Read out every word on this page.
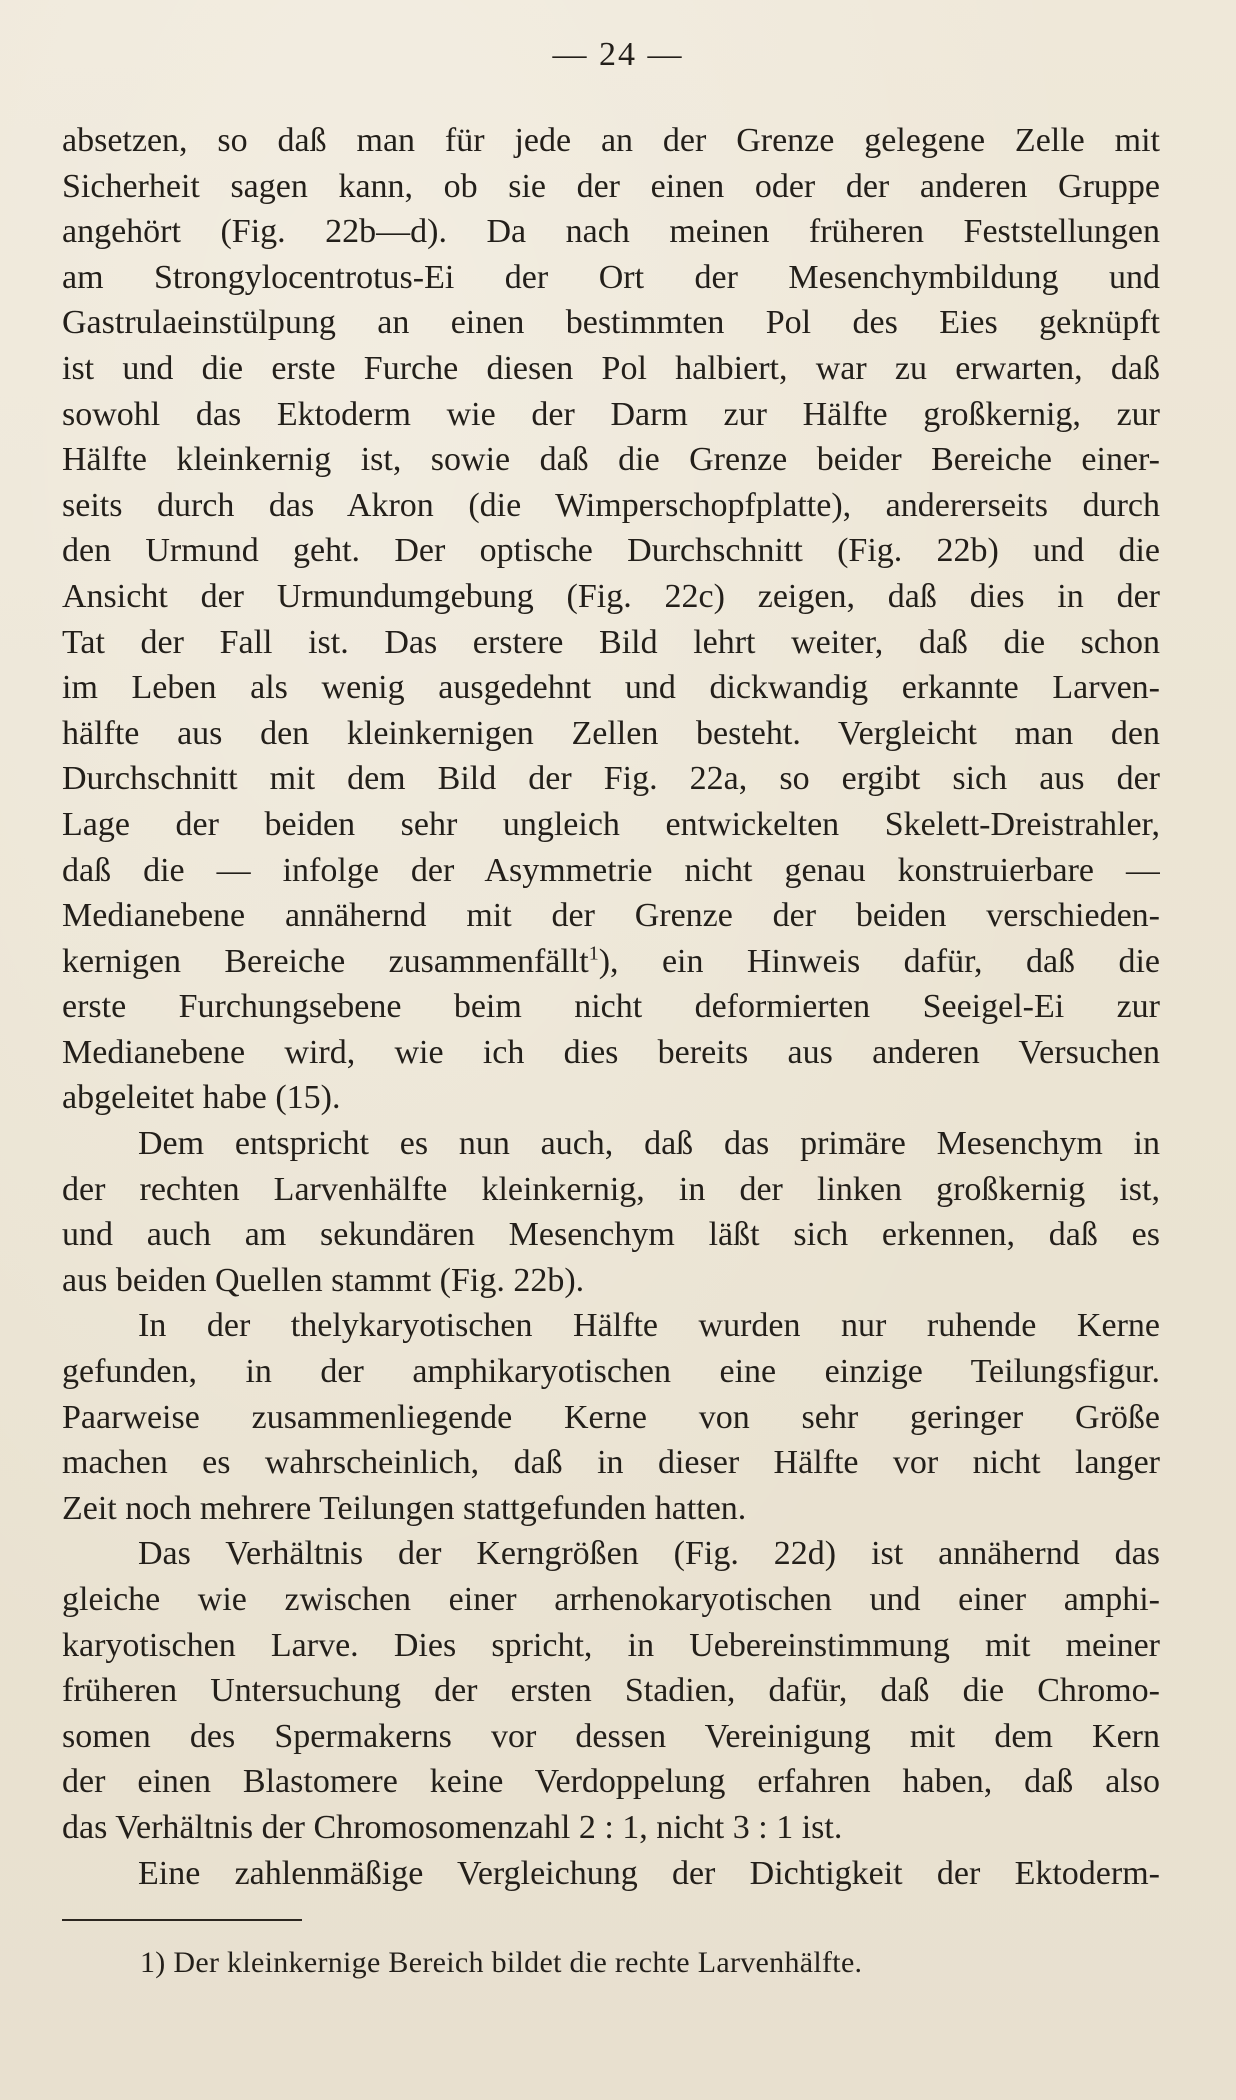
— 24 —
absetzen, so daß man für jede an der Grenze gelegene Zelle mit
Sicherheit sagen kann, ob sie der einen oder der anderen Gruppe
angehört (Fig. 22b—d). Da nach meinen früheren Feststellungen
am Strongylocentrotus-Ei der Ort der Mesenchymbildung und
Gastrulaeinstülpung an einen bestimmten Pol des Eies geknüpft
ist und die erste Furche diesen Pol halbiert, war zu erwarten, daß
sowohl das Ektoderm wie der Darm zur Hälfte großkernig, zur
Hälfte kleinkernig ist, sowie daß die Grenze beider Bereiche einer-
seits durch das Akron (die Wimperschopfplatte), andererseits durch
den Urmund geht. Der optische Durchschnitt (Fig. 22b) und die
Ansicht der Urmundumgebung (Fig. 22c) zeigen, daß dies in der
Tat der Fall ist. Das erstere Bild lehrt weiter, daß die schon
im Leben als wenig ausgedehnt und dickwandig erkannte Larven-
hälfte aus den kleinkernigen Zellen besteht. Vergleicht man den
Durchschnitt mit dem Bild der Fig. 22a, so ergibt sich aus der
Lage der beiden sehr ungleich entwickelten Skelett-Dreistrahler,
daß die — infolge der Asymmetrie nicht genau konstruierbare —
Medianebene annähernd mit der Grenze der beiden verschieden-
kernigen Bereiche zusammenfällt$^1$), ein Hinweis dafür, daß die
erste Furchungsebene beim nicht deformierten Seeigel-Ei zur
Medianebene wird, wie ich dies bereits aus anderen Versuchen
abgeleitet habe (15).
Dem entspricht es nun auch, daß das primäre Mesenchym in
der rechten Larvenhälfte kleinkernig, in der linken großkernig ist,
und auch am sekundären Mesenchym läßt sich erkennen, daß es
aus beiden Quellen stammt (Fig. 22b).
In der thelykaryotischen Hälfte wurden nur ruhende Kerne
gefunden, in der amphikaryotischen eine einzige Teilungsfigur.
Paarweise zusammenliegende Kerne von sehr geringer Größe
machen es wahrscheinlich, daß in dieser Hälfte vor nicht langer
Zeit noch mehrere Teilungen stattgefunden hatten.
Das Verhältnis der Kerngrößen (Fig. 22d) ist annähernd das
gleiche wie zwischen einer arrhenokaryotischen und einer amphi-
karyotischen Larve. Dies spricht, in Uebereinstimmung mit meiner
früheren Untersuchung der ersten Stadien, dafür, daß die Chromo-
somen des Spermakerns vor dessen Vereinigung mit dem Kern
der einen Blastomere keine Verdoppelung erfahren haben, daß also
das Verhältnis der Chromosomenzahl 2 : 1, nicht 3 : 1 ist.
Eine zahlenmäßige Vergleichung der Dichtigkeit der Ektoderm-
1) Der kleinkernige Bereich bildet die rechte Larvenhälfte.
